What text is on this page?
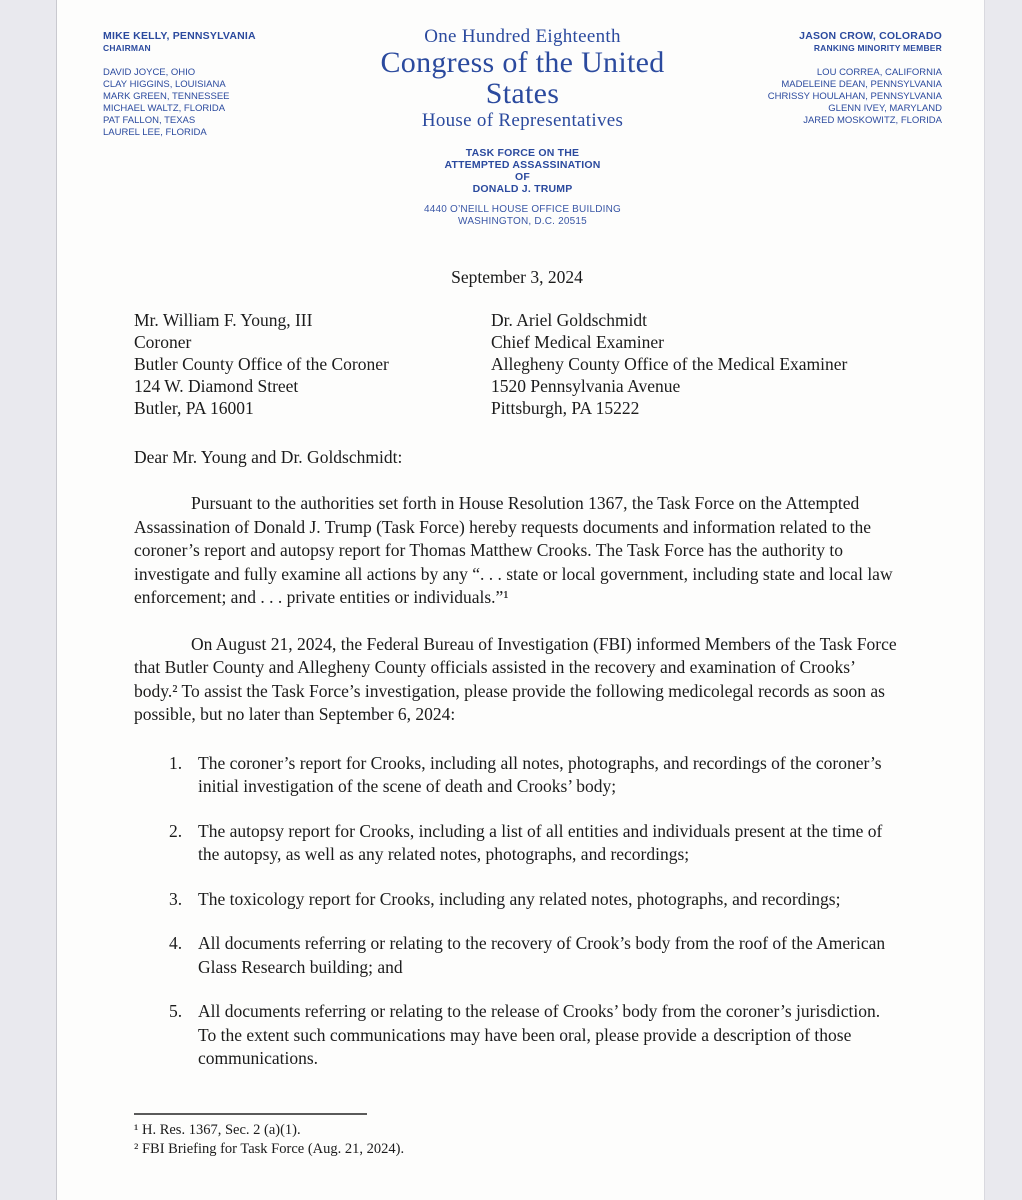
MIKE KELLY, PENNSYLVANIA
CHAIRMAN
DAVID JOYCE, OHIO
CLAY HIGGINS, LOUISIANA
MARK GREEN, TENNESSEE
MICHAEL WALTZ, FLORIDA
PAT FALLON, TEXAS
LAUREL LEE, FLORIDA
One Hundred Eighteenth
Congress of the United States
House of Representatives
TASK FORCE ON THE
ATTEMPTED ASSASSINATION
OF
DONALD J. TRUMP
4440 O’NEILL HOUSE OFFICE BUILDING
WASHINGTON, D.C. 20515
JASON CROW, COLORADO
RANKING MINORITY MEMBER
LOU CORREA, CALIFORNIA
MADELEINE DEAN, PENNSYLVANIA
CHRISSY HOULAHAN, PENNSYLVANIA
GLENN IVEY, MARYLAND
JARED MOSKOWITZ, FLORIDA
September 3, 2024
Mr. William F. Young, III
Coroner
Butler County Office of the Coroner
124 W. Diamond Street
Butler, PA 16001
Dr. Ariel Goldschmidt
Chief Medical Examiner
Allegheny County Office of the Medical Examiner
1520 Pennsylvania Avenue
Pittsburgh, PA 15222
Dear Mr. Young and Dr. Goldschmidt:
Pursuant to the authorities set forth in House Resolution 1367, the Task Force on the Attempted Assassination of Donald J. Trump (Task Force) hereby requests documents and information related to the coroner’s report and autopsy report for Thomas Matthew Crooks. The Task Force has the authority to investigate and fully examine all actions by any “. . . state or local government, including state and local law enforcement; and . . . private entities or individuals.”¹
On August 21, 2024, the Federal Bureau of Investigation (FBI) informed Members of the Task Force that Butler County and Allegheny County officials assisted in the recovery and examination of Crooks’ body.² To assist the Task Force’s investigation, please provide the following medicolegal records as soon as possible, but no later than September 6, 2024:
1. The coroner’s report for Crooks, including all notes, photographs, and recordings of the coroner’s initial investigation of the scene of death and Crooks’ body;
2. The autopsy report for Crooks, including a list of all entities and individuals present at the time of the autopsy, as well as any related notes, photographs, and recordings;
3. The toxicology report for Crooks, including any related notes, photographs, and recordings;
4. All documents referring or relating to the recovery of Crook’s body from the roof of the American Glass Research building; and
5. All documents referring or relating to the release of Crooks’ body from the coroner’s jurisdiction. To the extent such communications may have been oral, please provide a description of those communications.
¹ H. Res. 1367, Sec. 2 (a)(1).
² FBI Briefing for Task Force (Aug. 21, 2024).
